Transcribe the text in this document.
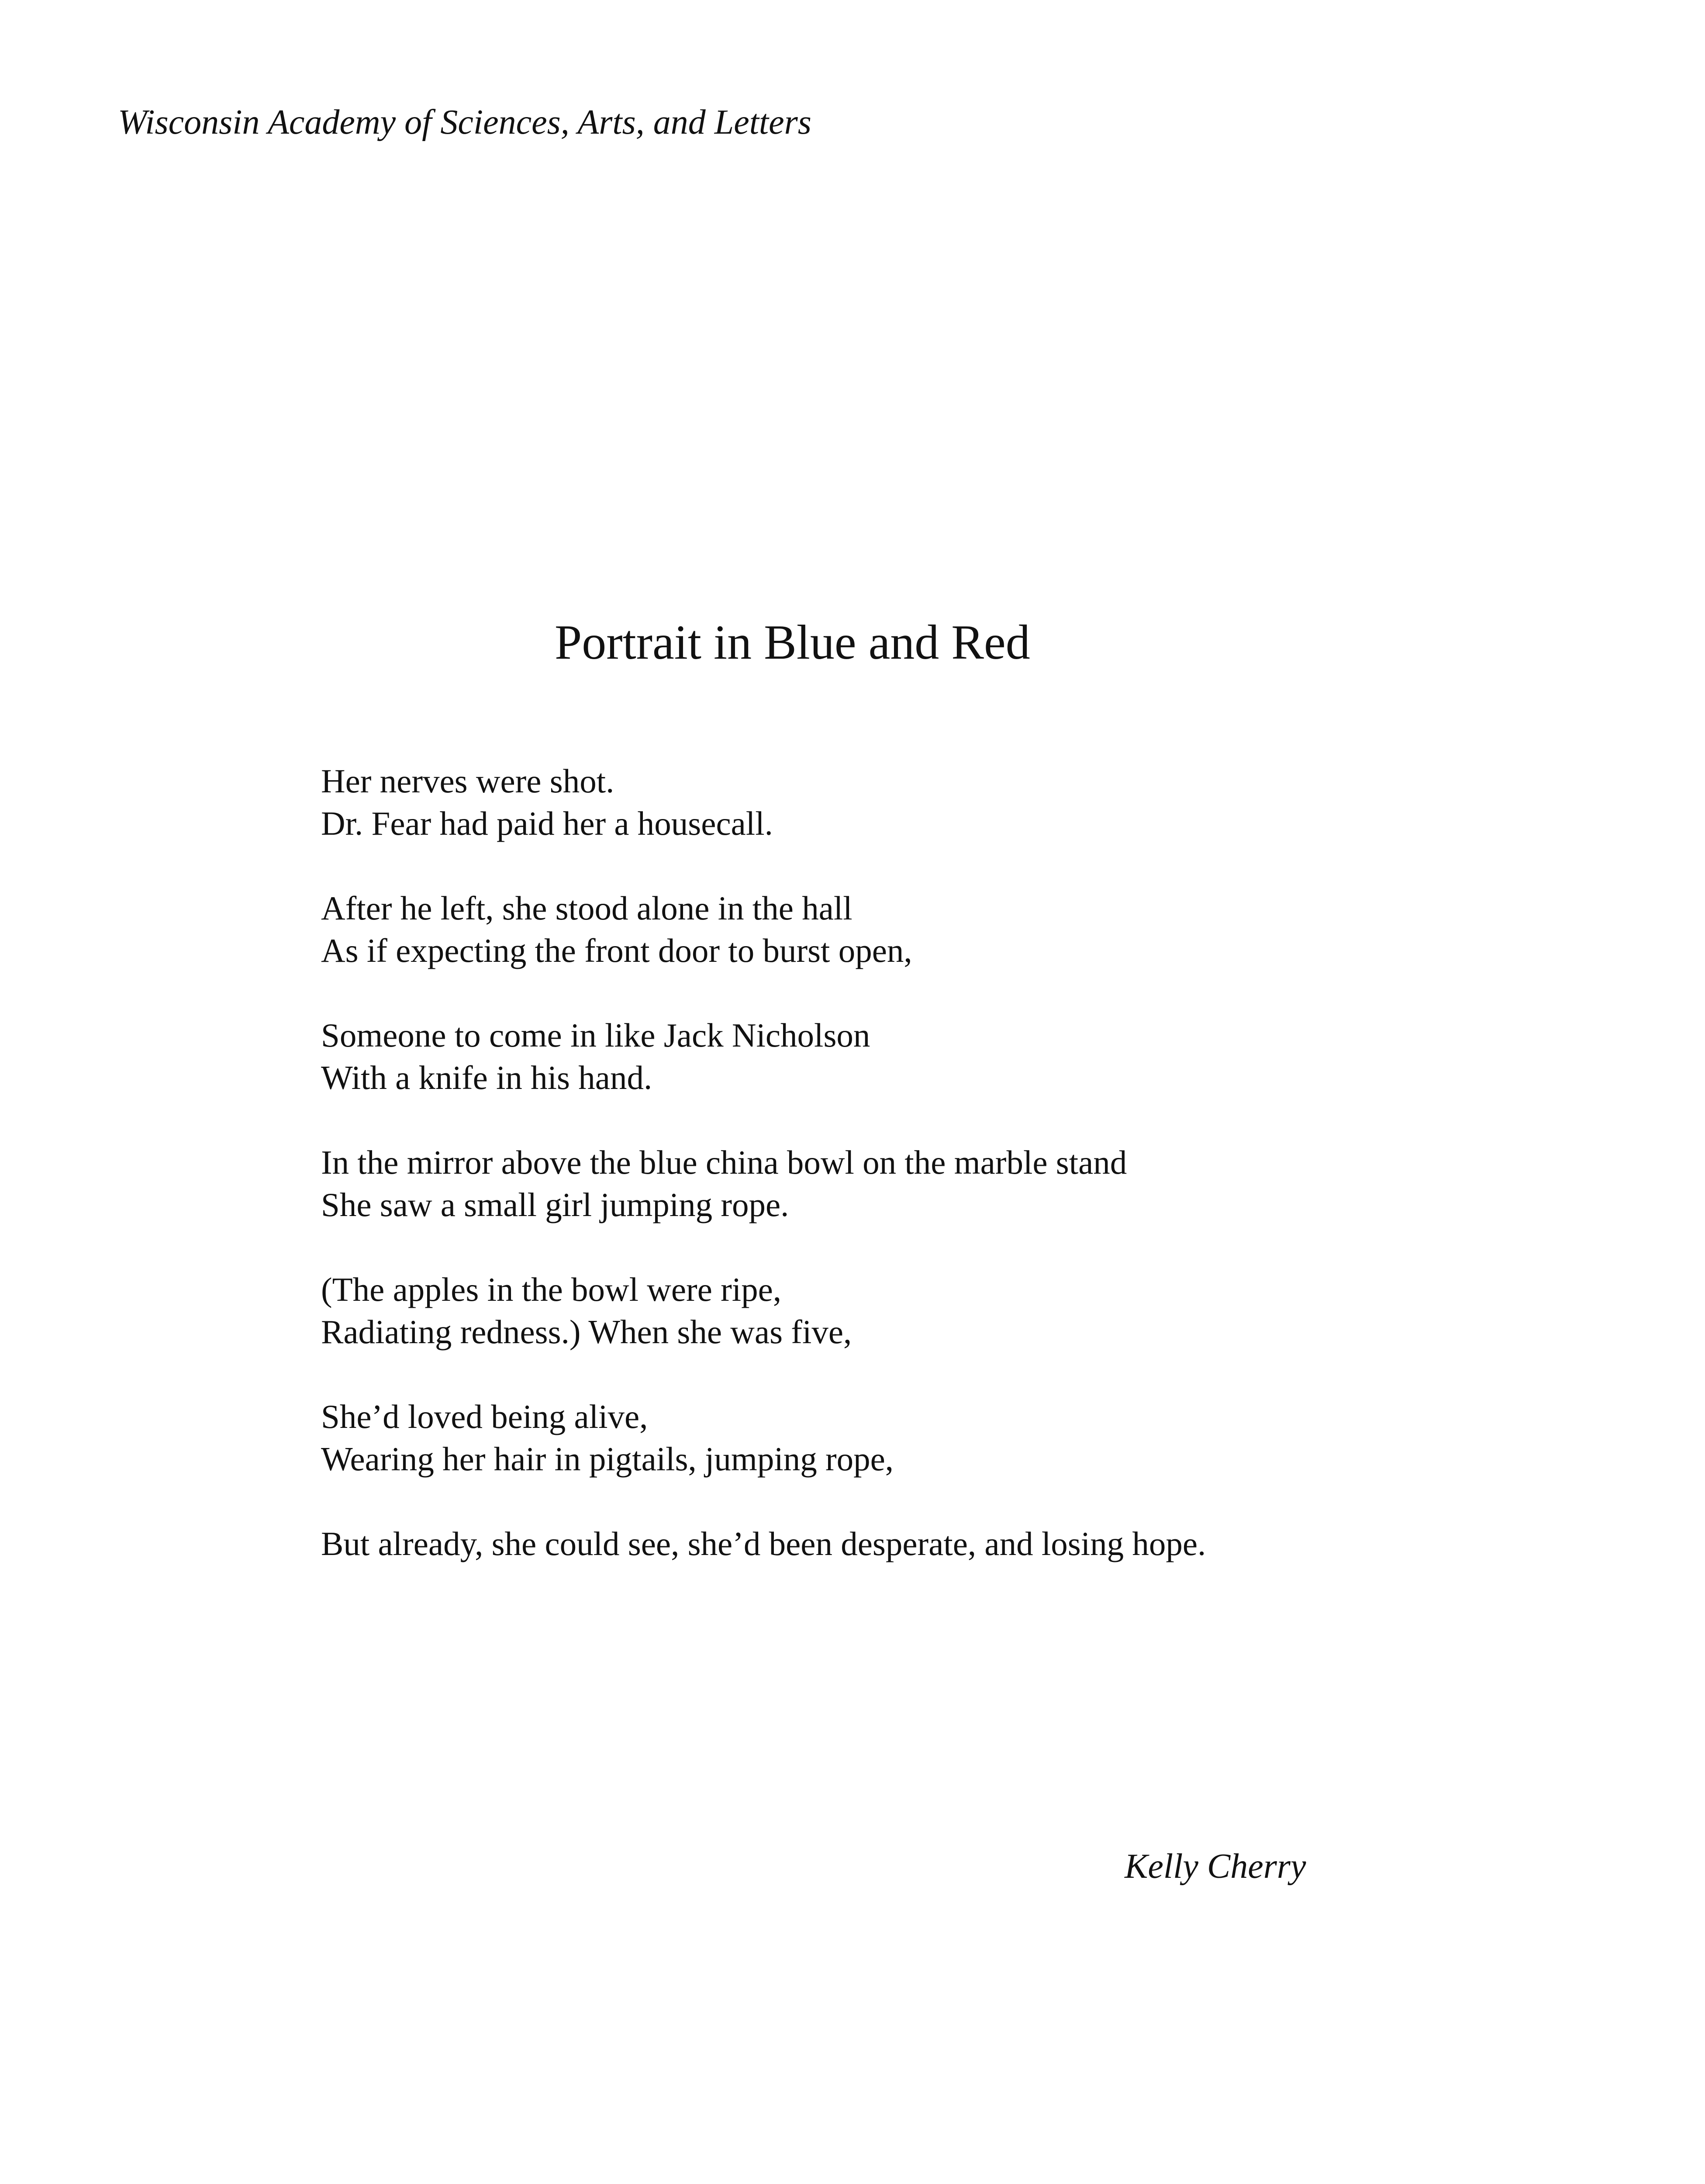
Wisconsin Academy of Sciences, Arts, and Letters
Portrait in Blue and Red
Her nerves were shot.
Dr. Fear had paid her a housecall.
After he left, she stood alone in the hall
As if expecting the front door to burst open,
Someone to come in like Jack Nicholson
With a knife in his hand.
In the mirror above the blue china bowl on the marble stand
She saw a small girl jumping rope.
(The apples in the bowl were ripe,
Radiating redness.) When she was five,
She’d loved being alive,
Wearing her hair in pigtails, jumping rope,
But already, she could see, she’d been desperate, and losing hope.
Kelly Cherry
